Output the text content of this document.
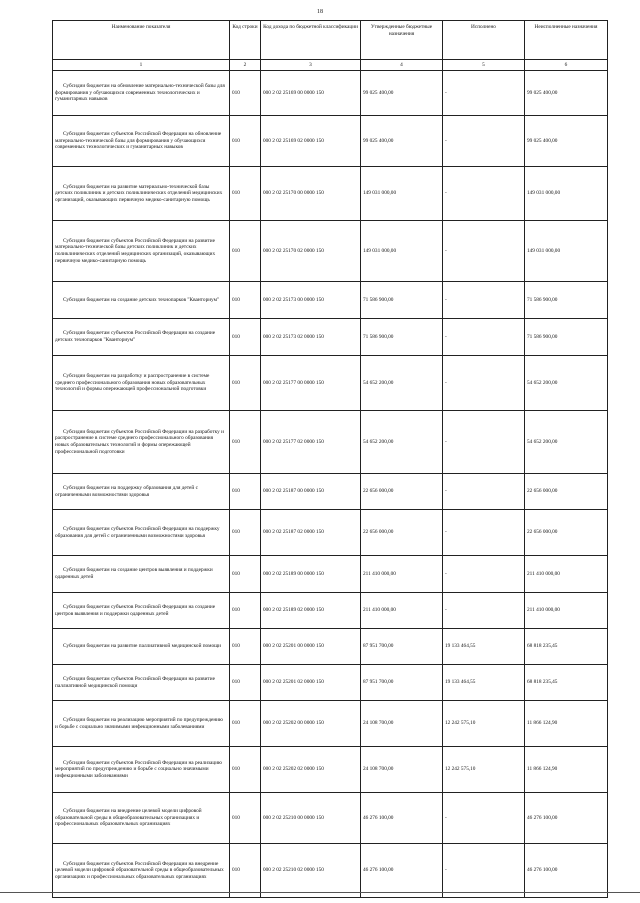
18
Наименование показателя	Код строки	Код дохода по бюджетной классификации	Утвержденные бюджетные назначения	Исполнено	Неисполненные назначения
1	2	3	4	5	6

Субсидии бюджетам на обновление материально-технической базы для формирования у обучающихся современных технологических и гуманитарных навыков	010	000 2 02 25169 00 0000 150	99 025 400,00	-	99 025 400,00

Субсидии бюджетам субъектов Российской Федерации на обновление материально-технической базы для формирования у обучающихся современных технологических и гуманитарных навыков	010	000 2 02 25169 02 0000 150	99 025 400,00	-	99 025 400,00

Субсидии бюджетам на развитие материально-технической базы детских поликлиник и детских поликлинических отделений медицинских организаций, оказывающих первичную медико-санитарную помощь	010	000 2 02 25170 00 0000 150	149 031 000,00	-	149 031 000,00

Субсидии бюджетам субъектов Российской Федерации на развитие материально-технической базы детских поликлиник и детских поликлинических отделений медицинских организаций, оказывающих первичную медико-санитарную помощь	010	000 2 02 25170 02 0000 150	149 031 000,00	-	149 031 000,00

Субсидии бюджетам на создание детских технопарков "Кванториум"	010	000 2 02 25173 00 0000 150	71 586 900,00	-	71 586 900,00

Субсидии бюджетам субъектов Российской Федерации на создание детских технопарков "Кванториум"	010	000 2 02 25173 02 0000 150	71 586 900,00	-	71 586 900,00

Субсидии бюджетам на разработку и распространение в системе среднего профессионального образования новых образовательных технологий и формы опережающей профессиональной подготовки	010	000 2 02 25177 00 0000 150	54 652 200,00	-	54 652 200,00

Субсидии бюджетам субъектов Российской Федерации на разработку и распространение в системе среднего профессионального образования новых образовательных технологий и формы опережающей профессиональной подготовки	010	000 2 02 25177 02 0000 150	54 652 200,00	-	54 652 200,00

Субсидии бюджетам на поддержку образования для детей с ограниченными возможностями здоровья	010	000 2 02 25187 00 0000 150	22 656 000,00	-	22 656 000,00

Субсидии бюджетам субъектов Российской Федерации на поддержку образования для детей с ограниченными возможностями здоровья	010	000 2 02 25187 02 0000 150	22 656 000,00	-	22 656 000,00

Субсидии бюджетам на создание центров выявления и поддержки одаренных детей	010	000 2 02 25189 00 0000 150	211 410 000,00	-	211 410 000,00

Субсидии бюджетам субъектов Российской Федерации на создание центров выявления и поддержки одаренных детей	010	000 2 02 25189 02 0000 150	211 410 000,00	-	211 410 000,00

Субсидии бюджетам на развитие паллиативной медицинской помощи	010	000 2 02 25201 00 0000 150	87 951 700,00	19 133 464,55	68 818 235,45

Субсидии бюджетам субъектов Российской Федерации на развитие паллиативной медицинской помощи	010	000 2 02 25201 02 0000 150	87 951 700,00	19 133 464,55	68 818 235,45

Субсидии бюджетам на реализацию мероприятий по предупреждению и борьбе с социально значимыми инфекционными заболеваниями	010	000 2 02 25202 00 0000 150	24 108 700,00	12 242 575,10	11 866 124,90

Субсидии бюджетам субъектов Российской Федерации на реализацию мероприятий по предупреждению и борьбе с социально значимыми инфекционными заболеваниями	010	000 2 02 25202 02 0000 150	24 108 700,00	12 242 575,10	11 866 124,90

Субсидии бюджетам на внедрение целевой модели цифровой образовательной среды в общеобразовательных организациях и профессиональных образовательных организациях	010	000 2 02 25210 00 0000 150	46 276 100,00	-	46 276 100,00

Субсидии бюджетам субъектов Российской Федерации на внедрение целевой модели цифровой образовательной среды в общеобразовательных организациях и профессиональных образовательных организациях	010	000 2 02 25210 02 0000 150	46 276 100,00	-	46 276 100,00
